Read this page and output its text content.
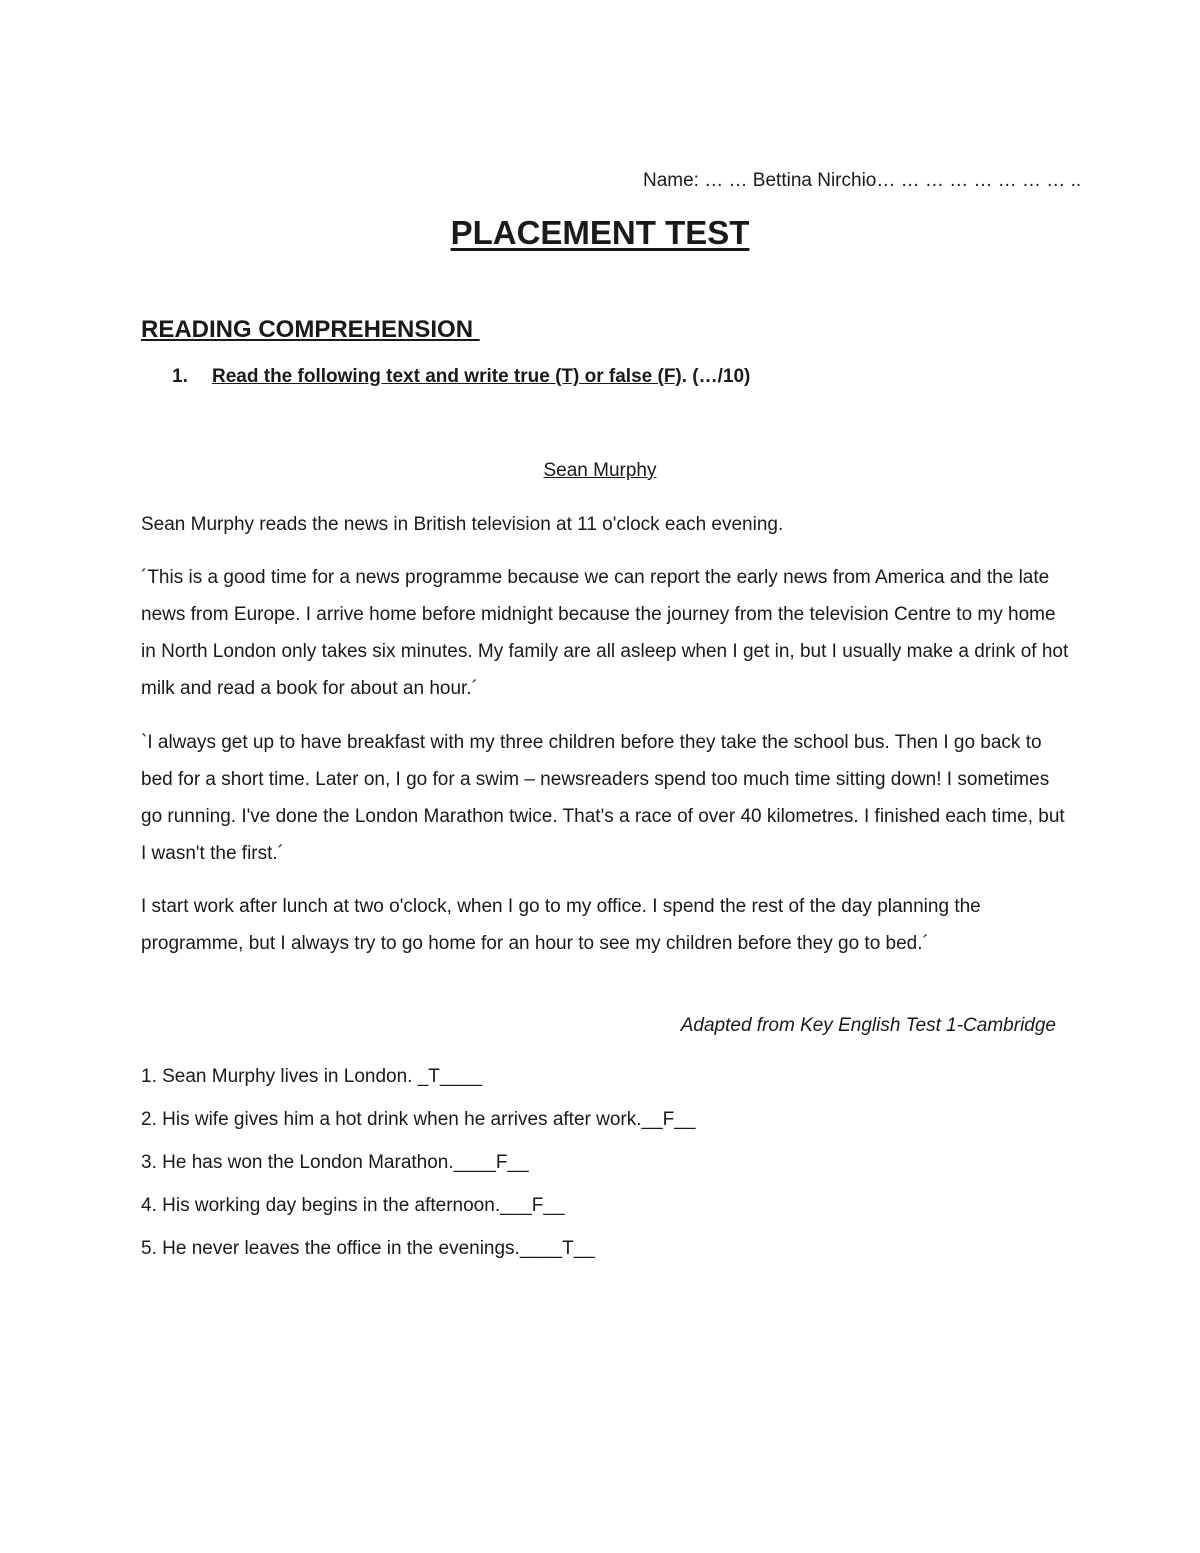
Name: … … Bettina Nirchio… … … … … … … … ..
PLACEMENT TEST
READING COMPREHENSION
1. Read the following text and write true (T) or false (F). (…/10)
Sean Murphy

Sean Murphy reads the news in British television at 11 o'clock each evening.

´This is a good time for a news programme because we can report the early news from America and the late news from Europe. I arrive home before midnight because the journey from the television Centre to my home in North London only takes six minutes. My family are all asleep when I get in, but I usually make a drink of hot milk and read a book for about an hour.´

`I always get up to have breakfast with my three children before they take the school bus. Then I go back to bed for a short time. Later on, I go for a swim – newsreaders spend too much time sitting down! I sometimes go running. I've done the London Marathon twice. That's a race of over 40 kilometres. I finished each time, but I wasn't the first.´

I start work after lunch at two o'clock, when I go to my office. I spend the rest of the day planning the programme, but I always try to go home for an hour to see my children before they go to bed.´

Adapted from Key English Test 1-Cambridge
1. Sean Murphy lives in London. _T____
2. His wife gives him a hot drink when he arrives after work.__F__
3. He has won the London Marathon.____F__
4. His working day begins in the afternoon.___F__
5. He never leaves the office in the evenings.____T__
